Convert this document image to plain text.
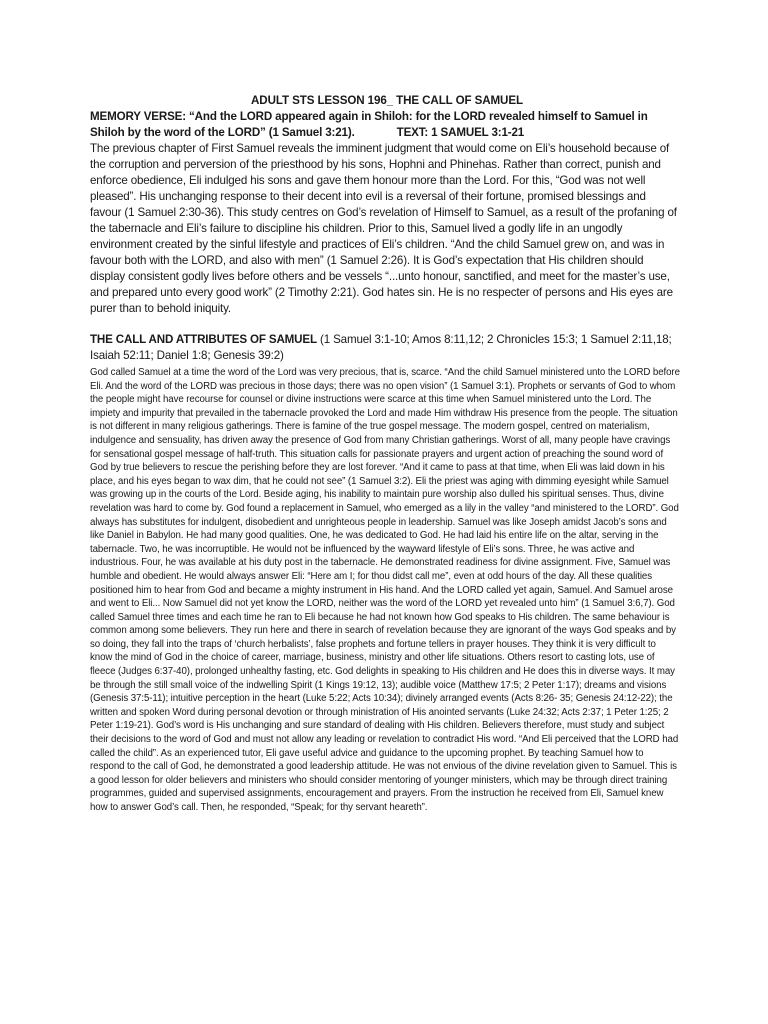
ADULT STS LESSON 196_ THE CALL OF SAMUEL

MEMORY VERSE: “And the LORD appeared again in Shiloh: for the LORD revealed himself to Samuel in Shiloh by the word of the LORD” (1 Samuel 3:21).	TEXT: 1 SAMUEL 3:1-21

The previous chapter of First Samuel reveals the imminent judgment that would come on Eli’s household because of the corruption and perversion of the priesthood by his sons, Hophni and Phinehas. Rather than correct, punish and enforce obedience, Eli indulged his sons and gave them honour more than the Lord. For this, “God was not well pleased”. His unchanging response to their decent into evil is a reversal of their fortune, promised blessings and favour (1 Samuel 2:30-36). This study centres on God’s revelation of Himself to Samuel, as a result of the profaning of the tabernacle and Eli’s failure to discipline his children. Prior to this, Samuel lived a godly life in an ungodly environment created by the sinful lifestyle and practices of Eli’s children. “And the child Samuel grew on, and was in favour both with the LORD, and also with men” (1 Samuel 2:26). It is God’s expectation that His children should display consistent godly lives before others and be vessels “...unto honour, sanctified, and meet for the master’s use, and prepared unto every good work” (2 Timothy 2:21). God hates sin. He is no respecter of persons and His eyes are purer than to behold iniquity.

THE CALL AND ATTRIBUTES OF SAMUEL (1 Samuel 3:1-10; Amos 8:11,12; 2 Chronicles 15:3; 1 Samuel 2:11,18; Isaiah 52:11; Daniel 1:8; Genesis 39:2)

God called Samuel at a time the word of the Lord was very precious, that is, scarce. “And the child Samuel ministered unto the LORD before Eli. And the word of the LORD was precious in those days; there was no open vision” (1 Samuel 3:1). Prophets or servants of God to whom the people might have recourse for counsel or divine instructions were scarce at this time when Samuel ministered unto the Lord. The impiety and impurity that prevailed in the tabernacle provoked the Lord and made Him withdraw His presence from the people. The situation is not different in many religious gatherings. There is famine of the true gospel message. The modern gospel, centred on materialism, indulgence and sensuality, has driven away the presence of God from many Christian gatherings. Worst of all, many people have cravings for sensational gospel message of half-truth. This situation calls for passionate prayers and urgent action of preaching the sound word of God by true believers to rescue the perishing before they are lost forever. “And it came to pass at that time, when Eli was laid down in his place, and his eyes began to wax dim, that he could not see” (1 Samuel 3:2). Eli the priest was aging with dimming eyesight while Samuel was growing up in the courts of the Lord. Beside aging, his inability to maintain pure worship also dulled his spiritual senses. Thus, divine revelation was hard to come by. God found a replacement in Samuel, who emerged as a lily in the valley “and ministered to the LORD”. God always has substitutes for indulgent, disobedient and unrighteous people in leadership. Samuel was like Joseph amidst Jacob’s sons and like Daniel in Babylon. He had many good qualities. One, he was dedicated to God. He had laid his entire life on the altar, serving in the tabernacle. Two, he was incorruptible. He would not be influenced by the wayward lifestyle of Eli’s sons. Three, he was active and industrious. Four, he was available at his duty post in the tabernacle. He demonstrated readiness for divine assignment. Five, Samuel was humble and obedient. He would always answer Eli: “Here am I; for thou didst call me”, even at odd hours of the day. All these qualities positioned him to hear from God and became a mighty instrument in His hand. And the LORD called yet again, Samuel. And Samuel arose and went to Eli... Now Samuel did not yet know the LORD, neither was the word of the LORD yet revealed unto him” (1 Samuel 3:6,7). God called Samuel three times and each time he ran to Eli because he had not known how God speaks to His children. The same behaviour is common among some believers. They run here and there in search of revelation because they are ignorant of the ways God speaks and by so doing, they fall into the traps of ‘church herbalists’, false prophets and fortune tellers in prayer houses. They think it is very difficult to know the mind of God in the choice of career, marriage, business, ministry and other life situations. Others resort to casting lots, use of fleece (Judges 6:37-40), prolonged unhealthy fasting, etc. God delights in speaking to His children and He does this in diverse ways. It may be through the still small voice of the indwelling Spirit (1 Kings 19:12, 13); audible voice (Matthew 17:5; 2 Peter 1:17); dreams and visions (Genesis 37:5-11); intuitive perception in the heart (Luke 5:22; Acts 10:34); divinely arranged events (Acts 8:26- 35; Genesis 24:12-22); the written and spoken Word during personal devotion or through ministration of His anointed servants (Luke 24:32; Acts 2:37; 1 Peter 1:25; 2 Peter 1:19-21). God’s word is His unchanging and sure standard of dealing with His children. Believers therefore, must study and subject their decisions to the word of God and must not allow any leading or revelation to contradict His word. “And Eli perceived that the LORD had called the child”. As an experienced tutor, Eli gave useful advice and guidance to the upcoming prophet. By teaching Samuel how to respond to the call of God, he demonstrated a good leadership attitude. He was not envious of the divine revelation given to Samuel. This is a good lesson for older believers and ministers who should consider mentoring of younger ministers, which may be through direct training programmes, guided and supervised assignments, encouragement and prayers. From the instruction he received from Eli, Samuel knew how to answer God’s call. Then, he responded, “Speak; for thy servant heareth”.
